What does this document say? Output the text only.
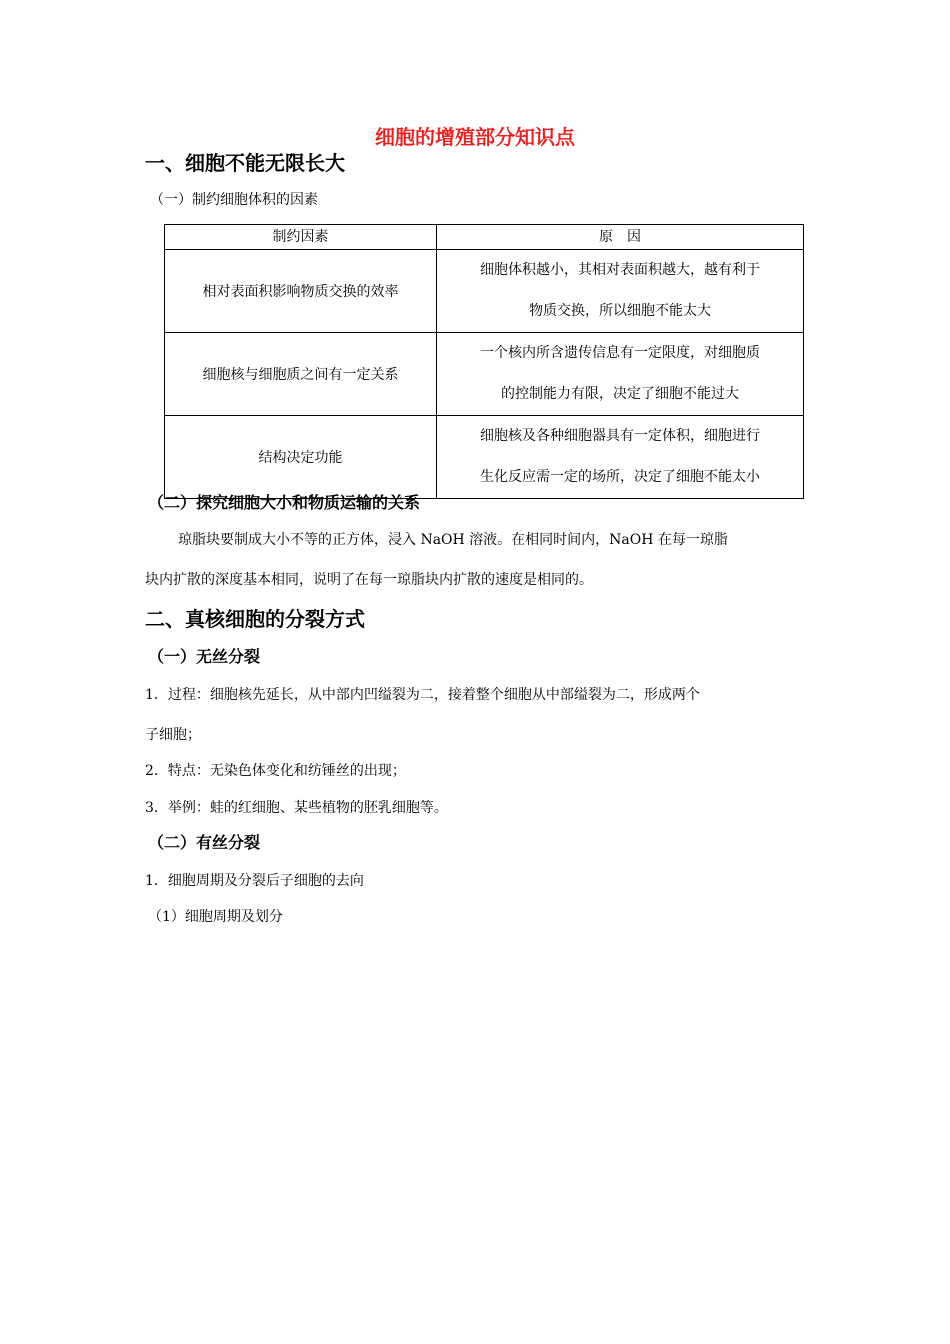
细胞的增殖部分知识点
一、细胞不能无限长大
（一）制约细胞体积的因素
制约因素	原　因
相对表面积影响物质交换的效率	细胞体积越小，其相对表面积越大，越有利于
物质交换，所以细胞不能太大

细胞核与细胞质之间有一定关系	一个核内所含遗传信息有一定限度，对细胞质
的控制能力有限，决定了细胞不能过大

结构决定功能	细胞核及各种细胞器具有一定体积，细胞进行
生化反应需一定的场所，决定了细胞不能太小
（二）探究细胞大小和物质运输的关系
琼脂块要制成大小不等的正方体，浸入 NaOH 溶液。在相同时间内，NaOH 在每一琼脂
块内扩散的深度基本相同，说明了在每一琼脂块内扩散的速度是相同的。
二、真核细胞的分裂方式
（一）无丝分裂
1．过程：细胞核先延长，从中部内凹缢裂为二，接着整个细胞从中部缢裂为二，形成两个
子细胞；
2．特点：无染色体变化和纺锤丝的出现；
3．举例：蛙的红细胞、某些植物的胚乳细胞等。
（二）有丝分裂
1．细胞周期及分裂后子细胞的去向
（1）细胞周期及划分
